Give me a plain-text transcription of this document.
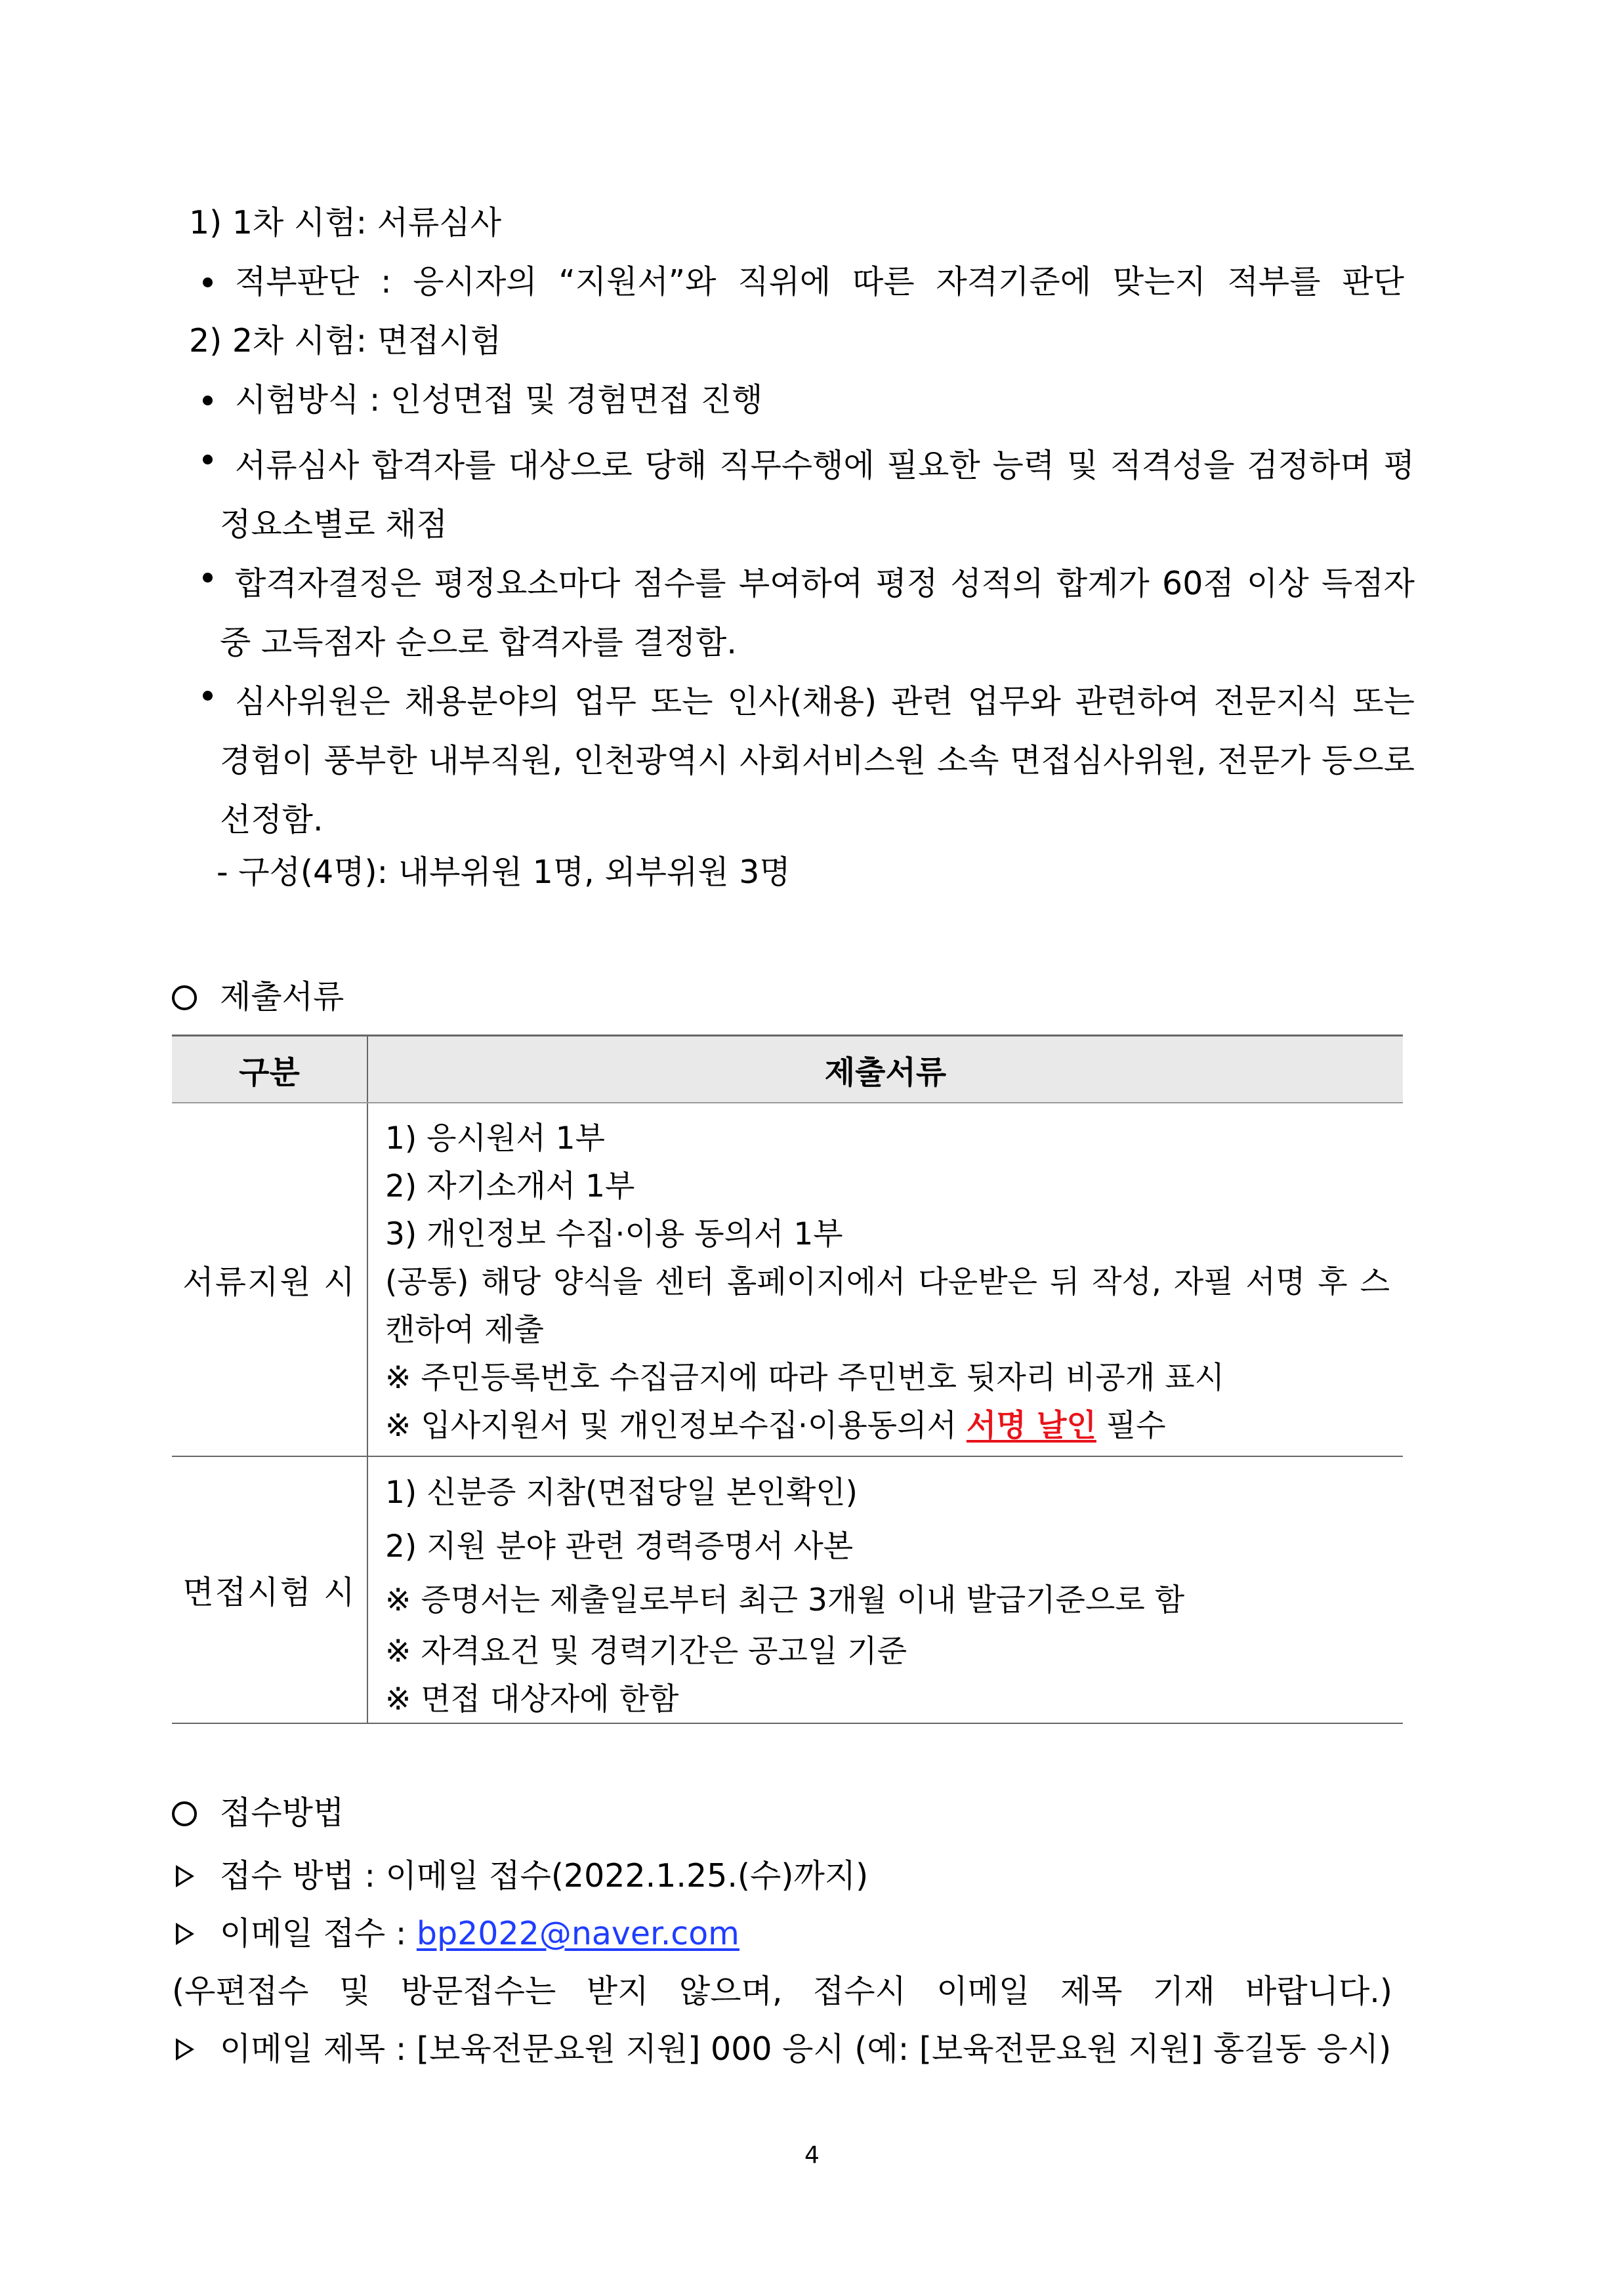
1) 1차 시험: 서류심사
적부판단 : 응시자의 “지원서”와 직위에 따른 자격기준에 맞는지 적부를 판단
2) 2차 시험: 면접시험
시험방식 : 인성면접 및 경험면접 진행
서류심사 합격자를 대상으로 당해 직무수행에 필요한 능력 및 적격성을 검정하며 평정요소별로 채점
합격자결정은 평정요소마다 점수를 부여하여 평정 성적의 합계가 60점 이상 득점자 중 고득점자 순으로 합격자를 결정함.
심사위원은 채용분야의 업무 또는 인사(채용) 관련 업무와 관련하여 전문지식 또는 경험이 풍부한 내부직원, 인천광역시 사회서비스원 소속 면접심사위원, 전문가 등으로 선정함.
- 구성(4명): 내부위원 1명, 외부위원 3명
제출서류
구분	제출서류
서류지원 시
1) 응시원서 1부
2) 자기소개서 1부
3) 개인정보 수집·이용 동의서 1부
(공통) 해당 양식을 센터 홈페이지에서 다운받은 뒤 작성, 자필 서명 후 스캔하여 제출
※ 주민등록번호 수집금지에 따라 주민번호 뒷자리 비공개 표시
※ 입사지원서 및 개인정보수집·이용동의서 서명 날인 필수
면접시험 시
1) 신분증 지참(면접당일 본인확인)
2) 지원 분야 관련 경력증명서 사본
※ 증명서는 제출일로부터 최근 3개월 이내 발급기준으로 함
※ 자격요건 및 경력기간은 공고일 기준
※ 면접 대상자에 한함
접수방법
접수 방법 : 이메일 접수(2022.1.25.(수)까지)
이메일 접수 : bp2022@naver.com
(우편접수 및 방문접수는 받지 않으며, 접수시 이메일 제목 기재 바랍니다.)
이메일 제목 : [보육전문요원 지원] 000 응시 (예: [보육전문요원 지원] 홍길동 응시)
4
